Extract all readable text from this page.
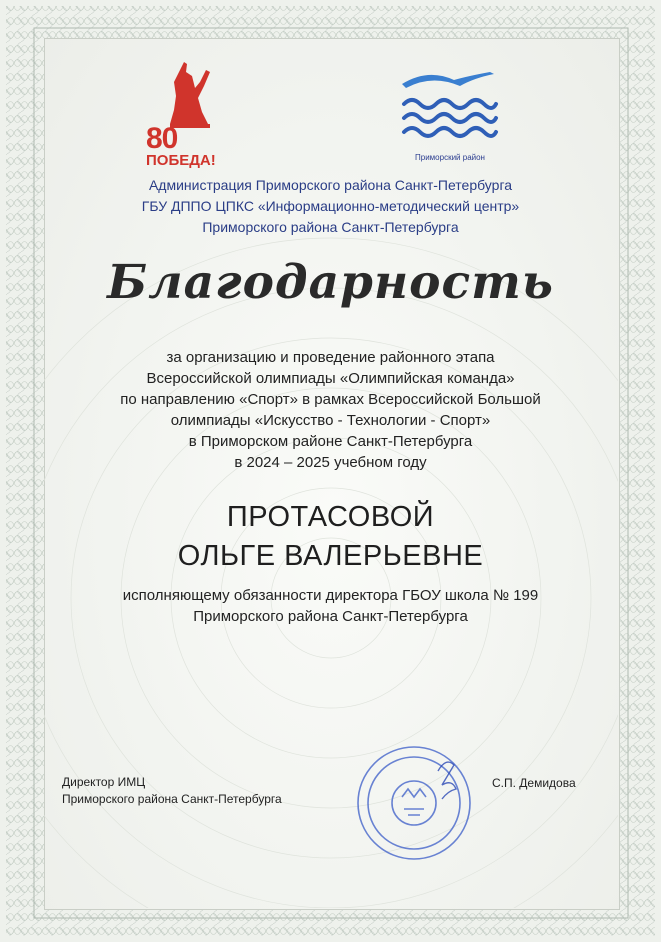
80
ПОБЕДА!	Приморский район
Администрация Приморского района Санкт-Петербурга
ГБУ ДППО ЦПКС «Информационно-методический центр»
Приморского района Санкт-Петербурга
Благодарность
за организацию и проведение районного этапа
Всероссийской олимпиады «Олимпийская команда»
по направлению «Спорт» в рамках Всероссийской Большой
олимпиады «Искусство - Технологии - Спорт»
в Приморском районе Санкт-Петербурга
в 2024 – 2025 учебном году
ПРОТАСОВОЙ
ОЛЬГЕ ВАЛЕРЬЕВНЕ
исполняющему обязанности директора ГБОУ школа № 199
Приморского района Санкт-Петербурга
Директор ИМЦ
Приморского района Санкт-Петербурга
С.П. Демидова
